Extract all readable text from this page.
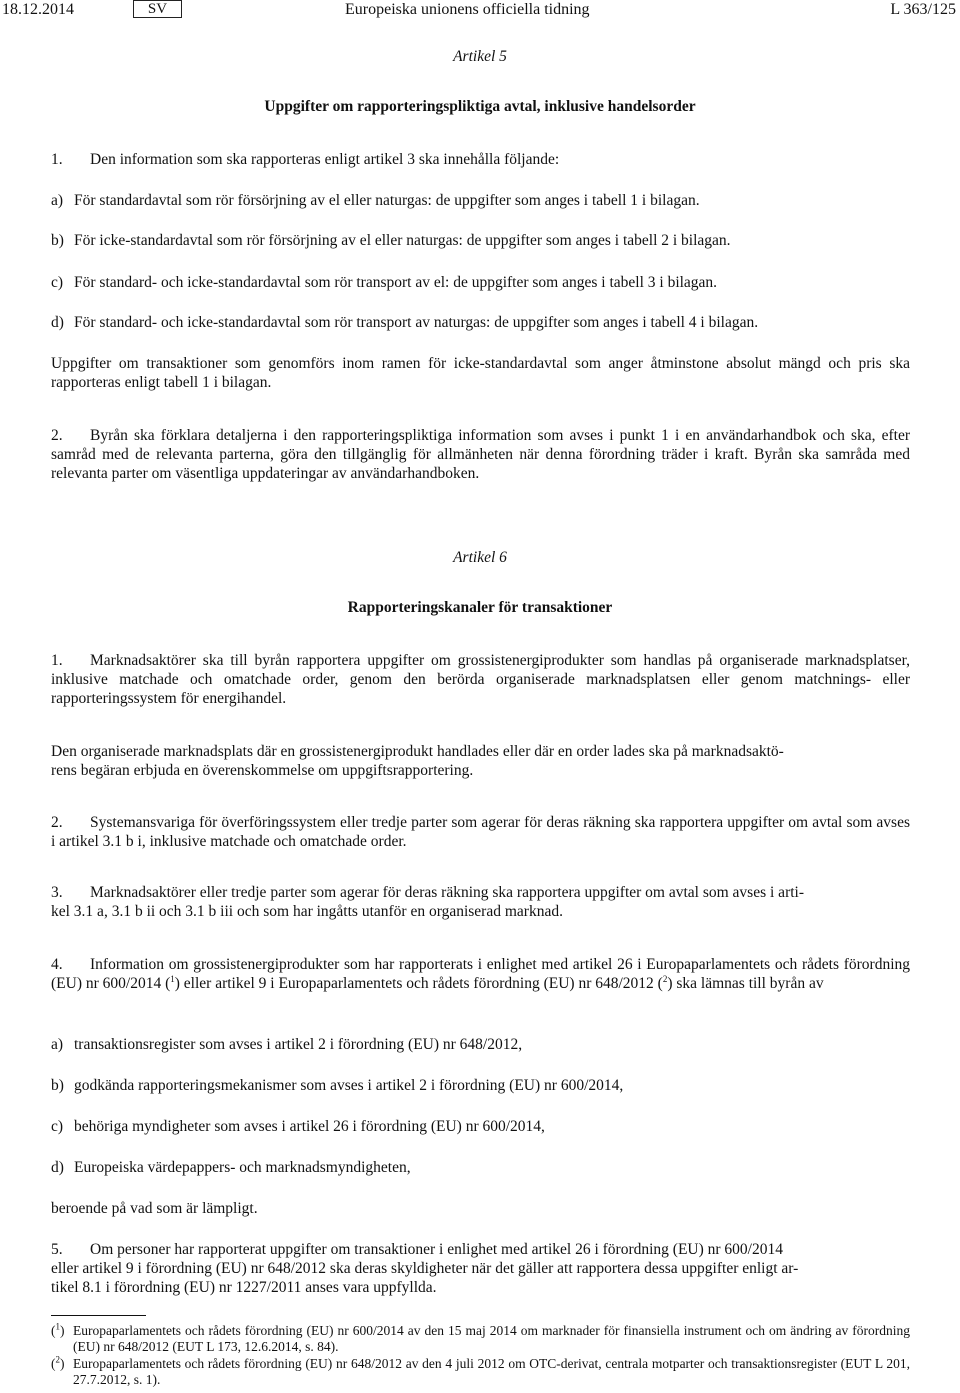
18.12.2014	SV	Europeiska unionens officiella tidning	L 363/125
Artikel 5
Uppgifter om rapporteringspliktiga avtal, inklusive handelsorder
1. Den information som ska rapporteras enligt artikel 3 ska innehålla följande:
a) För standardavtal som rör försörjning av el eller naturgas: de uppgifter som anges i tabell 1 i bilagan.
b) För icke-standardavtal som rör försörjning av el eller naturgas: de uppgifter som anges i tabell 2 i bilagan.
c) För standard- och icke-standardavtal som rör transport av el: de uppgifter som anges i tabell 3 i bilagan.
d) För standard- och icke-standardavtal som rör transport av naturgas: de uppgifter som anges i tabell 4 i bilagan.
Uppgifter om transaktioner som genomförs inom ramen för icke-standardavtal som anger åtminstone absolut mängd och pris ska rapporteras enligt tabell 1 i bilagan.
2. Byrån ska förklara detaljerna i den rapporteringspliktiga information som avses i punkt 1 i en användarhandbok och ska, efter samråd med de relevanta parterna, göra den tillgänglig för allmänheten när denna förordning träder i kraft. Byrån ska samråda med relevanta parter om väsentliga uppdateringar av användarhandboken.
Artikel 6
Rapporteringskanaler för transaktioner
1. Marknadsaktörer ska till byrån rapportera uppgifter om grossistenergiprodukter som handlas på organiserade marknadsplatser, inklusive matchade och omatchade order, genom den berörda organiserade marknadsplatsen eller genom matchnings- eller rapporteringssystem för energihandel.
Den organiserade marknadsplats där en grossistenergiprodukt handlades eller där en order lades ska på marknadsaktö-
rens begäran erbjuda en överenskommelse om uppgiftsrapportering.
2. Systemansvariga för överföringssystem eller tredje parter som agerar för deras räkning ska rapportera uppgifter om avtal som avses i artikel 3.1 b i, inklusive matchade och omatchade order.
3. Marknadsaktörer eller tredje parter som agerar för deras räkning ska rapportera uppgifter om avtal som avses i arti-
kel 3.1 a, 3.1 b ii och 3.1 b iii och som har ingåtts utanför en organiserad marknad.
4. Information om grossistenergiprodukter som har rapporterats i enlighet med artikel 26 i Europaparlamentets och rådets förordning (EU) nr 600/2014 ($^1$) eller artikel 9 i Europaparlamentets och rådets förordning (EU) nr 648/2012 ($^2$) ska lämnas till byrån av
a) transaktionsregister som avses i artikel 2 i förordning (EU) nr 648/2012,
b) godkända rapporteringsmekanismer som avses i artikel 2 i förordning (EU) nr 600/2014,
c) behöriga myndigheter som avses i artikel 26 i förordning (EU) nr 600/2014,
d) Europeiska värdepappers- och marknadsmyndigheten,
beroende på vad som är lämpligt.
5. Om personer har rapporterat uppgifter om transaktioner i enlighet med artikel 26 i förordning (EU) nr 600/2014
eller artikel 9 i förordning (EU) nr 648/2012 ska deras skyldigheter när det gäller att rapportera dessa uppgifter enligt ar-
tikel 8.1 i förordning (EU) nr 1227/2011 anses vara uppfyllda.
($^1$) Europaparlamentets och rådets förordning (EU) nr 600/2014 av den 15 maj 2014 om marknader för finansiella instrument och om ändring av förordning (EU) nr 648/2012 (EUT L 173, 12.6.2014, s. 84).
($^2$) Europaparlamentets och rådets förordning (EU) nr 648/2012 av den 4 juli 2012 om OTC-derivat, centrala motparter och transaktionsregister (EUT L 201, 27.7.2012, s. 1).
